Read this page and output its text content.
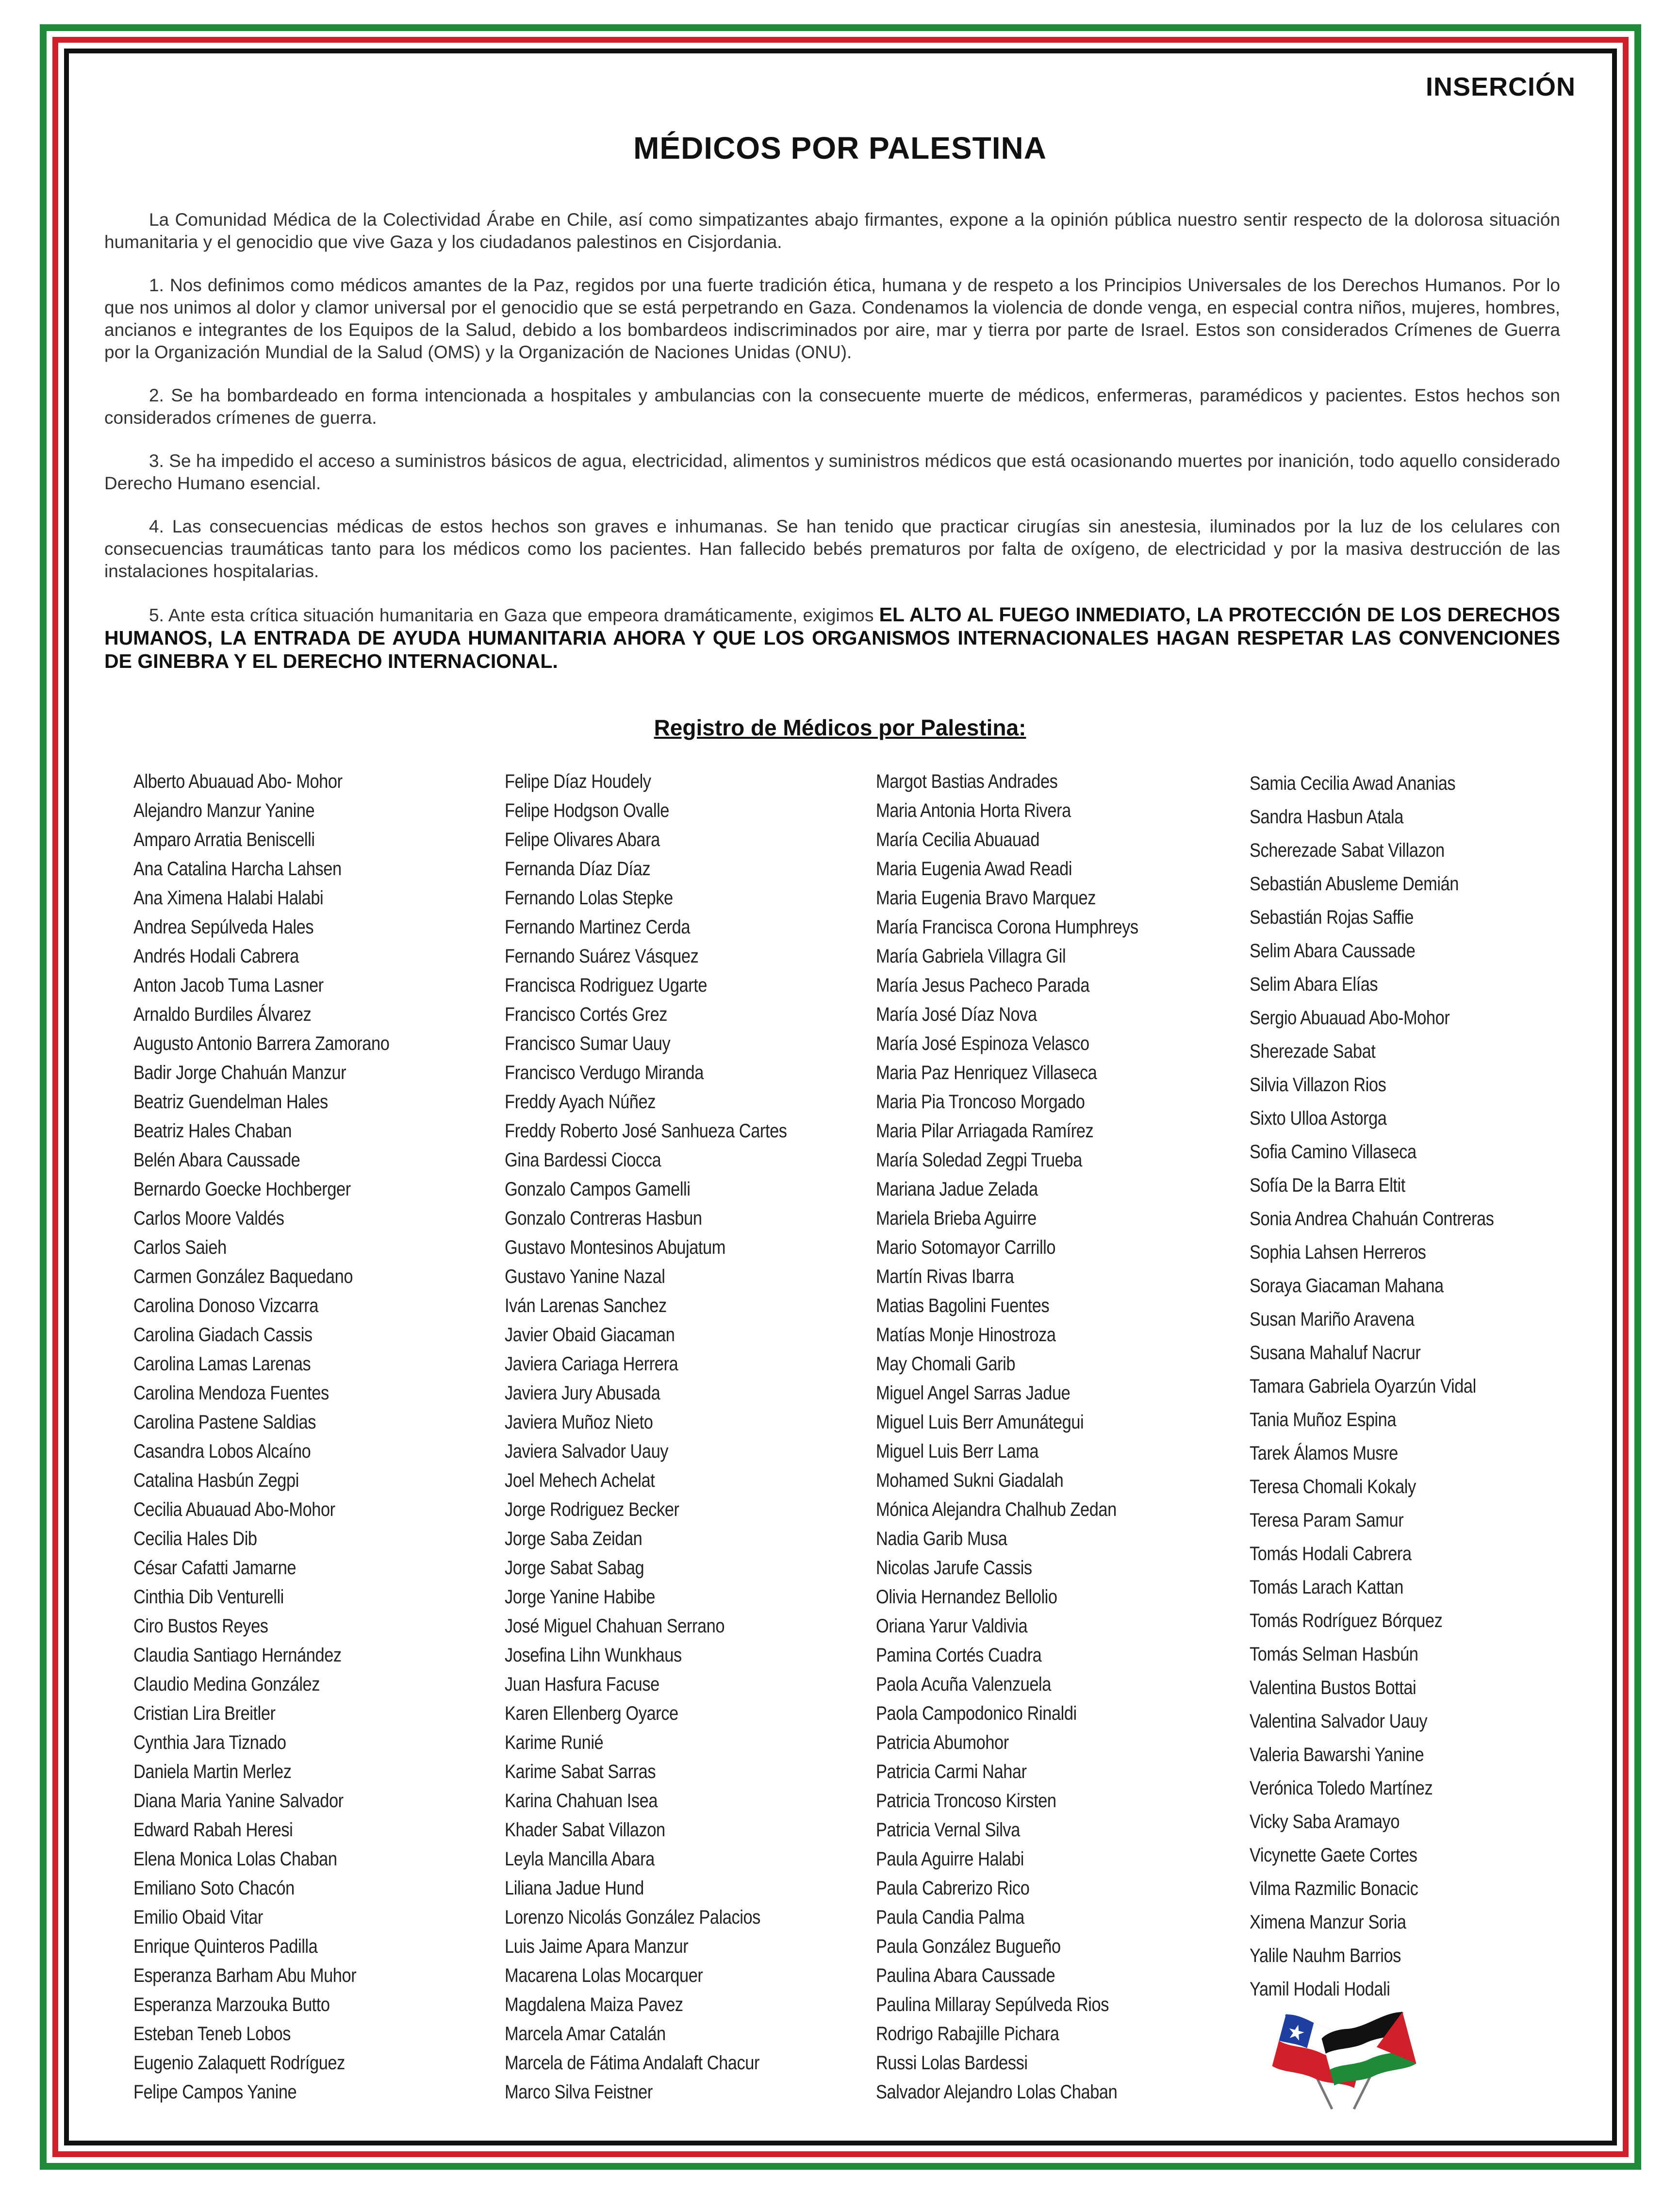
INSERCIÓN
MÉDICOS POR PALESTINA

La Comunidad Médica de la Colectividad Árabe en Chile, así como simpatizantes abajo firmantes, expone a la opinión pública nuestro sentir respecto de la dolorosa situación humanitaria y el genocidio que vive Gaza y los ciudadanos palestinos en Cisjordania.

1. Nos definimos como médicos amantes de la Paz, regidos por una fuerte tradición ética, humana y de respeto a los Principios Universales de los Derechos Humanos. Por lo que nos unimos al dolor y clamor universal por el genocidio que se está perpetrando en Gaza. Condenamos la violencia de donde venga, en especial contra niños, mujeres, hombres, ancianos e integrantes de los Equipos de la Salud, debido a los bombardeos indiscriminados por aire, mar y tierra por parte de Israel. Estos son considerados Crímenes de Guerra por la Organización Mundial de la Salud (OMS) y la Organización de Naciones Unidas (ONU).

2. Se ha bombardeado en forma intencionada a hospitales y ambulancias con la consecuente muerte de médicos, enfermeras, paramédicos y pacientes. Estos hechos son considerados crímenes de guerra.

3. Se ha impedido el acceso a suministros básicos de agua, electricidad, alimentos y suministros médicos que está ocasionando muertes por inanición, todo aquello considerado Derecho Humano esencial.

4. Las consecuencias médicas de estos hechos son graves e inhumanas. Se han tenido que practicar cirugías sin anestesia, iluminados por la luz de los celulares con consecuencias traumáticas tanto para los médicos como los pacientes. Han fallecido bebés prematuros por falta de oxígeno, de electricidad y por la masiva destrucción de las instalaciones hospitalarias.

5. Ante esta crítica situación humanitaria en Gaza que empeora dramáticamente, exigimos EL ALTO AL FUEGO INMEDIATO, LA PROTECCIÓN DE LOS DERECHOS HUMANOS, LA ENTRADA DE AYUDA HUMANITARIA AHORA Y QUE LOS ORGANISMOS INTERNACIONALES HAGAN RESPETAR LAS CONVENCIONES DE GINEBRA Y EL DERECHO INTERNACIONAL.

Registro de Médicos por Palestina:
Alberto Abuauad Abo- Mohor
Alejandro Manzur Yanine
Amparo Arratia Beniscelli
Ana Catalina Harcha Lahsen
Ana Ximena Halabi Halabi
Andrea Sepúlveda Hales
Andrés Hodali Cabrera
Anton Jacob Tuma Lasner
Arnaldo Burdiles Álvarez
Augusto Antonio Barrera Zamorano
Badir Jorge Chahuán Manzur
Beatriz Guendelman Hales
Beatriz Hales Chaban
Belén Abara Caussade
Bernardo Goecke Hochberger
Carlos Moore Valdés
Carlos Saieh
Carmen González Baquedano
Carolina Donoso Vizcarra
Carolina Giadach Cassis
Carolina Lamas Larenas
Carolina Mendoza Fuentes
Carolina Pastene Saldias
Casandra Lobos Alcaíno
Catalina Hasbún Zegpi
Cecilia Abuauad Abo-Mohor
Cecilia Hales Dib
César Cafatti Jamarne
Cinthia Dib Venturelli
Ciro Bustos Reyes
Claudia Santiago Hernández
Claudio Medina González
Cristian Lira Breitler
Cynthia Jara Tiznado
Daniela Martin Merlez
Diana Maria Yanine Salvador
Edward Rabah Heresi
Elena Monica Lolas Chaban
Emiliano Soto Chacón
Emilio Obaid Vitar
Enrique Quinteros Padilla
Esperanza Barham Abu Muhor
Esperanza Marzouka Butto
Esteban Teneb Lobos
Eugenio Zalaquett Rodríguez
Felipe Campos Yanine
Felipe Díaz Houdely
Felipe Hodgson Ovalle
Felipe Olivares Abara
Fernanda Díaz Díaz
Fernando Lolas Stepke
Fernando Martinez Cerda
Fernando Suárez Vásquez
Francisca Rodriguez Ugarte
Francisco Cortés Grez
Francisco Sumar Uauy
Francisco Verdugo Miranda
Freddy Ayach Núñez
Freddy Roberto José Sanhueza Cartes
Gina Bardessi Ciocca
Gonzalo Campos Gamelli
Gonzalo Contreras Hasbun
Gustavo Montesinos Abujatum
Gustavo Yanine Nazal
Iván Larenas Sanchez
Javier Obaid Giacaman
Javiera Cariaga Herrera
Javiera Jury Abusada
Javiera Muñoz Nieto
Javiera Salvador Uauy
Joel Mehech Achelat
Jorge Rodriguez Becker
Jorge Saba Zeidan
Jorge Sabat Sabag
Jorge Yanine Habibe
José Miguel Chahuan Serrano
Josefina Lihn Wunkhaus
Juan Hasfura Facuse
Karen Ellenberg Oyarce
Karime Runié
Karime Sabat Sarras
Karina Chahuan Isea
Khader Sabat Villazon
Leyla Mancilla Abara
Liliana Jadue Hund
Lorenzo Nicolás González Palacios
Luis Jaime Apara Manzur
Macarena Lolas Mocarquer
Magdalena Maiza Pavez
Marcela Amar Catalán
Marcela de Fátima Andalaft Chacur
Marco Silva Feistner
Margot Bastias Andrades
Maria Antonia Horta Rivera
María Cecilia Abuauad
Maria Eugenia Awad Readi
Maria Eugenia Bravo Marquez
María Francisca Corona Humphreys
María Gabriela Villagra Gil
María Jesus Pacheco Parada
María José Díaz Nova
María José Espinoza Velasco
Maria Paz Henriquez Villaseca
Maria Pia Troncoso Morgado
Maria Pilar Arriagada Ramírez
María Soledad Zegpi Trueba
Mariana Jadue Zelada
Mariela Brieba Aguirre
Mario Sotomayor Carrillo
Martín Rivas Ibarra
Matias Bagolini Fuentes
Matías Monje Hinostroza
May Chomali Garib
Miguel Angel Sarras Jadue
Miguel Luis Berr Amunátegui
Miguel Luis Berr Lama
Mohamed Sukni Giadalah
Mónica Alejandra Chalhub Zedan
Nadia Garib Musa
Nicolas Jarufe Cassis
Olivia Hernandez Bellolio
Oriana Yarur Valdivia
Pamina Cortés Cuadra
Paola Acuña Valenzuela
Paola Campodonico Rinaldi
Patricia Abumohor
Patricia Carmi Nahar
Patricia Troncoso Kirsten
Patricia Vernal Silva
Paula Aguirre Halabi
Paula Cabrerizo Rico
Paula Candia Palma
Paula González Bugueño
Paulina Abara Caussade
Paulina Millaray Sepúlveda Rios
Rodrigo Rabajille Pichara
Russi Lolas Bardessi
Salvador Alejandro Lolas Chaban
Samia Cecilia Awad Ananias
Sandra Hasbun Atala
Scherezade Sabat Villazon
Sebastián Abusleme Demián
Sebastián Rojas Saffie
Selim Abara Caussade
Selim Abara Elías
Sergio Abuauad Abo-Mohor
Sherezade Sabat
Silvia Villazon Rios
Sixto Ulloa Astorga
Sofia Camino Villaseca
Sofía De la Barra Eltit
Sonia Andrea Chahuán Contreras
Sophia Lahsen Herreros
Soraya Giacaman Mahana
Susan Mariño Aravena
Susana Mahaluf Nacrur
Tamara Gabriela Oyarzún Vidal
Tania Muñoz Espina
Tarek Álamos Musre
Teresa Chomali Kokaly
Teresa Param Samur
Tomás Hodali Cabrera
Tomás Larach Kattan
Tomás Rodríguez Bórquez
Tomás Selman Hasbún
Valentina Bustos Bottai
Valentina Salvador Uauy
Valeria Bawarshi Yanine
Verónica Toledo Martínez
Vicky Saba Aramayo
Vicynette Gaete Cortes
Vilma Razmilic Bonacic
Ximena Manzur Soria
Yalile Nauhm Barrios
Yamil Hodali Hodali
